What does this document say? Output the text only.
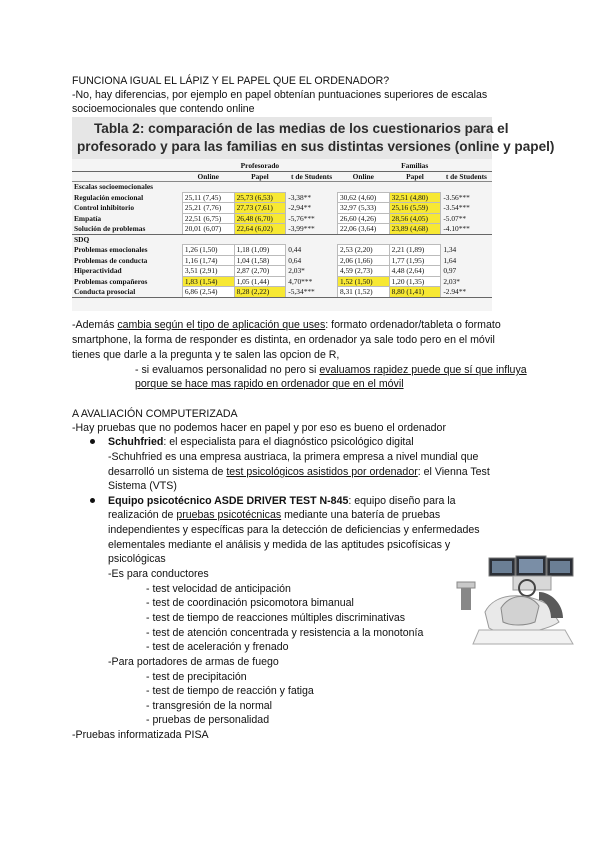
FUNCIONA IGUAL EL LÁPIZ Y EL PAPEL QUE EL ORDENADOR?
-No, hay diferencias, por ejemplo en papel obtenían puntuaciones superiores de escalas
socioemocionales que contendo online
Tabla 2: comparación de las medias de los cuestionarios para el
profesorado y para las familias en sus distintas versiones (online y papel)
	Profesorado			Familias		
	Online	Papel	t de Students	Online	Papel	t de Students
Escalas socioemocionales						
Regulación emocional	25,11 (7,45)	25,73 (6,53)	-3,38**	30,62 (4,60)	32,51 (4,80)	-3.56***
Control inhibitorio	25,21 (7,76)	27,73 (7,61)	-2,94**	32,97 (5,33)	25,16 (5,59)	-3.54***
Empatía	22,51 (6,75)	26,48 (6,70)	-5,76***	26,60 (4,26)	28,56 (4,05)	-5.07**
Solución de problemas	20,01 (6,07)	22,64 (6,02)	-3,99***	22,06 (3,64)	23,89 (4,68)	-4.10***
SDQ						
Problemas emocionales	1,26 (1,50)	1,18 (1,09)	0,44	2,53 (2,20)	2,21 (1,89)	1,34
Problemas de conducta	1,16 (1,74)	1,04 (1,58)	0,64	2,06 (1,66)	1,77 (1,95)	1,64
Hiperactividad	3,51 (2,91)	2,87 (2,70)	2,03*	4,59 (2,73)	4,48 (2,64)	0,97
Problemas compañeros	1,83 (1,54)	1,05 (1,44)	4,70***	1,52 (1,50)	1,20 (1,35)	2,03*
Conducta prosocial	6,86 (2,54)	8,28 (2,22)	-5,34***	8,31 (1,52)	8,80 (1,41)	-2.94**
-Además cambia según el tipo de aplicación que uses: formato ordenador/tableta o formato
smartphone, la forma de responder es distinta, en ordenador ya sale todo pero en el móvil
tienes que darle a la pregunta y te salen las opcion de R,
- si evaluamos personalidad no pero si evaluamos rapidez puede que sí que influya
porque se hace mas rapido en ordenador que en el móvil
A AVALIACIÓN COMPUTERIZADA
-Hay pruebas que no podemos hacer en papel y por eso es bueno el ordenador
Schuhfried: el especialista para el diagnóstico psicológico digital
-Schuhfried es una empresa austriaca, la primera empresa a nivel mundial que
desarrolló un sistema de test psicológicos asistidos por ordenador: el Vienna Test
Sistema (VTS)
Equipo psicotécnico ASDE DRIVER TEST N-845: equipo diseño para la
realización de pruebas psicotécnicas mediante una batería de pruebas
independientes y específicas para la detección de deficiencias y enfermedades
elementales mediante el análisis y medida de las aptitudes psicofísicas y
psicológicas
-Es para conductores
- test velocidad de anticipación
- test de coordinación psicomotora bimanual
- test de tiempo de reacciones múltiples discriminativas
- test de atención concentrada y resistencia a la monotonía
- test de aceleración y frenado
-Para portadores de armas de fuego
- test de precipitación
- test de tiempo de reacción y fatiga
- transgresión de la normal
- pruebas de personalidad
-Pruebas informatizada PISA
